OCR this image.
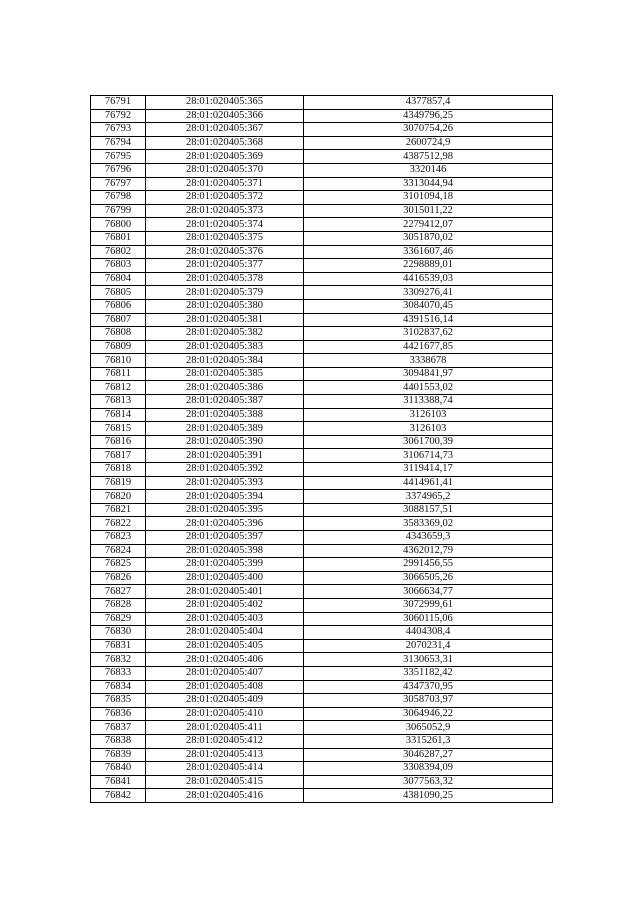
76791	28:01:020405:365	4377857,4
76792	28:01:020405:366	4349796,25
76793	28:01:020405:367	3070754,26
76794	28:01:020405:368	2600724,9
76795	28:01:020405:369	4387512,98
76796	28:01:020405:370	3320146
76797	28:01:020405:371	3313044,94
76798	28:01:020405:372	3101094,18
76799	28:01:020405:373	3015011,22
76800	28:01:020405:374	2279412,07
76801	28:01:020405:375	3051870,02
76802	28:01:020405:376	3361607,46
76803	28:01:020405:377	2298889,01
76804	28:01:020405:378	4416539,03
76805	28:01:020405:379	3309276,41
76806	28:01:020405:380	3084070,45
76807	28:01:020405:381	4391516,14
76808	28:01:020405:382	3102837,62
76809	28:01:020405:383	4421677,85
76810	28:01:020405:384	3338678
76811	28:01:020405:385	3094841,97
76812	28:01:020405:386	4401553,02
76813	28:01:020405:387	3113388,74
76814	28:01:020405:388	3126103
76815	28:01:020405:389	3126103
76816	28:01:020405:390	3061700,39
76817	28:01:020405:391	3106714,73
76818	28:01:020405:392	3119414,17
76819	28:01:020405:393	4414961,41
76820	28:01:020405:394	3374965,2
76821	28:01:020405:395	3088157,51
76822	28:01:020405:396	3583369,02
76823	28:01:020405:397	4343659,3
76824	28:01:020405:398	4362012,79
76825	28:01:020405:399	2991456,55
76826	28:01:020405:400	3066505,26
76827	28:01:020405:401	3066634,77
76828	28:01:020405:402	3072999,61
76829	28:01:020405:403	3060115,06
76830	28:01:020405:404	4404308,4
76831	28:01:020405:405	2070231,4
76832	28:01:020405:406	3130653,31
76833	28:01:020405:407	3351182,42
76834	28:01:020405:408	4347370,95
76835	28:01:020405:409	3058703,97
76836	28:01:020405:410	3064946,22
76837	28:01:020405:411	3065052,9
76838	28:01:020405:412	3315261,3
76839	28:01:020405:413	3046287,27
76840	28:01:020405:414	3308394,09
76841	28:01:020405:415	3077563,32
76842	28:01:020405:416	4381090,25
